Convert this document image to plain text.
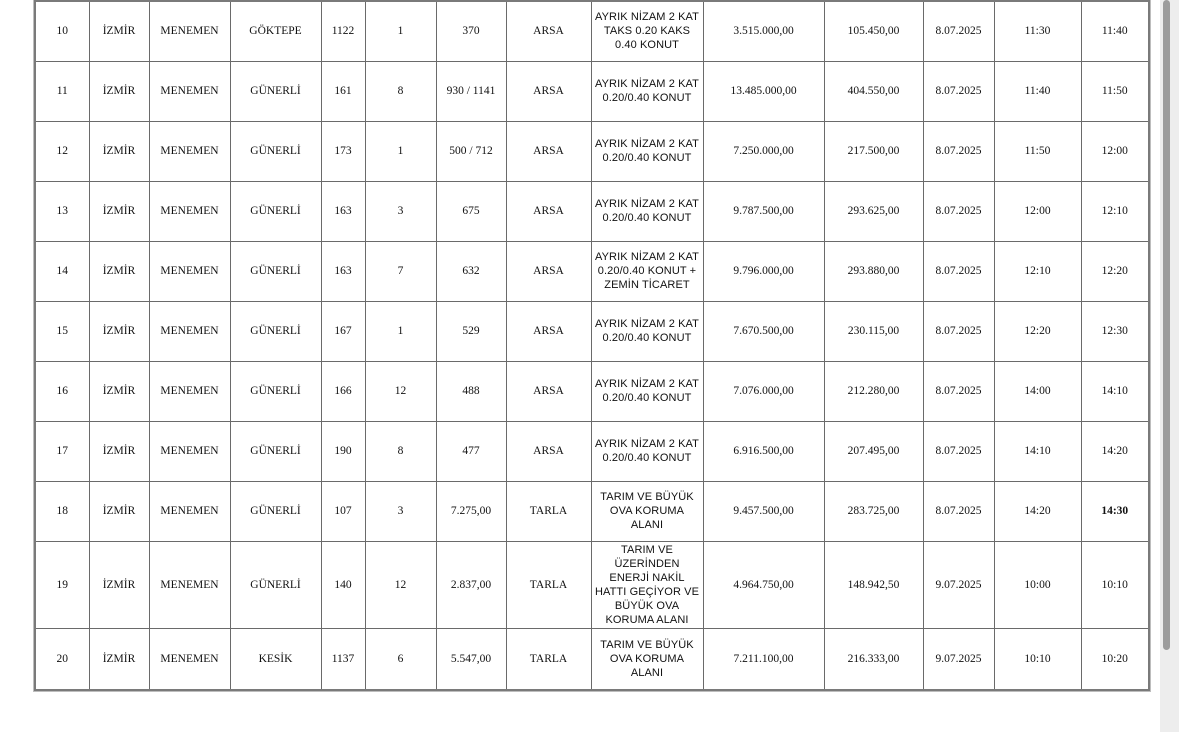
10	İZMİR	MENEMEN	GÖKTEPE	1122	1	370	ARSA	AYRIK NİZAM 2 KAT TAKS 0.20 KAKS 0.40 KONUT	3.515.000,00	105.450,00	8.07.2025	11:30	11:40
11	İZMİR	MENEMEN	GÜNERLİ	161	8	930 / 1141	ARSA	AYRIK NİZAM 2 KAT 0.20/0.40 KONUT	13.485.000,00	404.550,00	8.07.2025	11:40	11:50
12	İZMİR	MENEMEN	GÜNERLİ	173	1	500 / 712	ARSA	AYRIK NİZAM 2 KAT 0.20/0.40 KONUT	7.250.000,00	217.500,00	8.07.2025	11:50	12:00
13	İZMİR	MENEMEN	GÜNERLİ	163	3	675	ARSA	AYRIK NİZAM 2 KAT 0.20/0.40 KONUT	9.787.500,00	293.625,00	8.07.2025	12:00	12:10
14	İZMİR	MENEMEN	GÜNERLİ	163	7	632	ARSA	AYRIK NİZAM 2 KAT 0.20/0.40 KONUT + ZEMİN TİCARET	9.796.000,00	293.880,00	8.07.2025	12:10	12:20
15	İZMİR	MENEMEN	GÜNERLİ	167	1	529	ARSA	AYRIK NİZAM 2 KAT 0.20/0.40 KONUT	7.670.500,00	230.115,00	8.07.2025	12:20	12:30
16	İZMİR	MENEMEN	GÜNERLİ	166	12	488	ARSA	AYRIK NİZAM 2 KAT 0.20/0.40 KONUT	7.076.000,00	212.280,00	8.07.2025	14:00	14:10
17	İZMİR	MENEMEN	GÜNERLİ	190	8	477	ARSA	AYRIK NİZAM 2 KAT 0.20/0.40 KONUT	6.916.500,00	207.495,00	8.07.2025	14:10	14:20
18	İZMİR	MENEMEN	GÜNERLİ	107	3	7.275,00	TARLA	TARIM VE BÜYÜK OVA KORUMA ALANI	9.457.500,00	283.725,00	8.07.2025	14:20	14:30
19	İZMİR	MENEMEN	GÜNERLİ	140	12	2.837,00	TARLA	TARIM VE ÜZERİNDEN ENERJİ NAKİL HATTI GEÇİYOR VE BÜYÜK OVA KORUMA ALANI	4.964.750,00	148.942,50	9.07.2025	10:00	10:10
20	İZMİR	MENEMEN	KESİK	1137	6	5.547,00	TARLA	TARIM VE BÜYÜK OVA KORUMA ALANI	7.211.100,00	216.333,00	9.07.2025	10:10	10:20
